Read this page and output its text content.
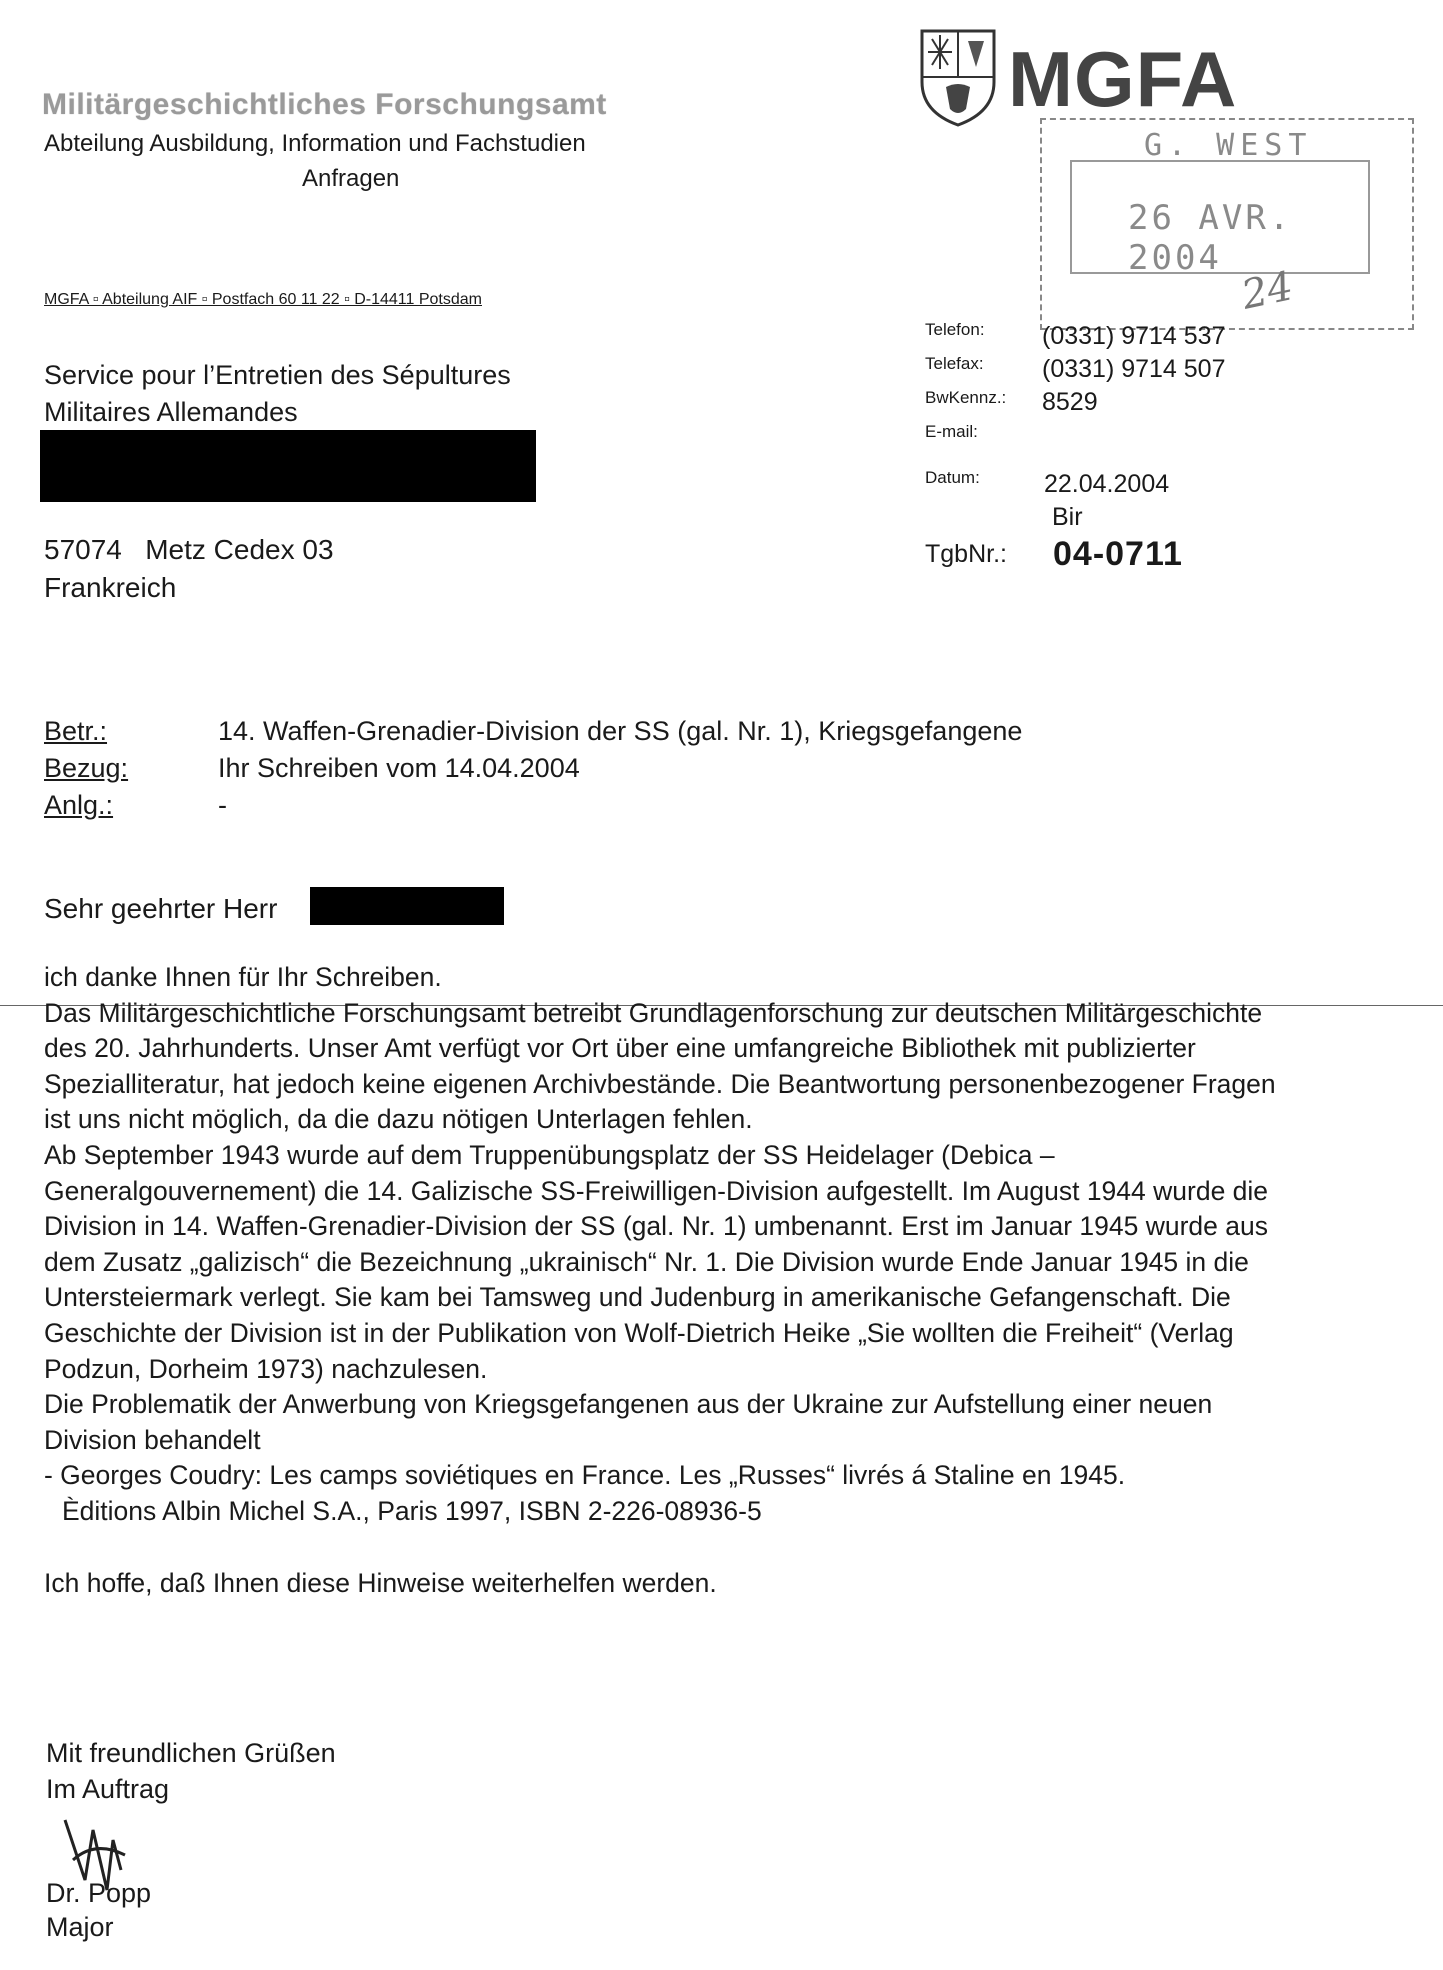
Militärgeschichtliches Forschungsamt
Abteilung Ausbildung, Information und Fachstudien
Anfragen
MGFA
G. WEST
26 AVR. 2004
24
MGFA ▫ Abteilung AIF ▫ Postfach 60 11 22 ▫ D-14411 Potsdam
Service pour l’Entretien des Sépultures
Militaires Allemandes
57074   Metz Cedex 03
Frankreich
Telefon: (0331) 9714 537
Telefax: (0331) 9714 507
BwKennz.: 8529
E-mail:
Datum:	22.04.2004
Bir
TgbNr.: 04-0711
Betr.:	14. Waffen-Grenadier-Division der SS (gal. Nr. 1), Kriegsgefangene
Bezug:	Ihr Schreiben vom 14.04.2004
Anlg.:	-
Sehr geehrter Herr

ich danke Ihnen für Ihr Schreiben.

Das Militärgeschichtliche Forschungsamt betreibt Grundlagenforschung zur deutschen Militärgeschichte des 20. Jahrhunderts. Unser Amt verfügt vor Ort über eine umfangreiche Bibliothek mit publizierter Spezialliteratur, hat jedoch keine eigenen Archivbestände. Die Beantwortung personenbezogener Fragen ist uns nicht möglich, da die dazu nötigen Unterlagen fehlen.

Ab September 1943 wurde auf dem Truppenübungsplatz der SS Heidelager (Debica – Generalgouvernement) die 14. Galizische SS-Freiwilligen-Division aufgestellt. Im August 1944 wurde die Division in 14. Waffen-Grenadier-Division der SS (gal. Nr. 1) umbenannt. Erst im Januar 1945 wurde aus dem Zusatz „galizisch“ die Bezeichnung „ukrainisch“ Nr. 1. Die Division wurde Ende Januar 1945 in die Untersteiermark verlegt. Sie kam bei Tamsweg und Judenburg in amerikanische Gefangenschaft. Die Geschichte der Division ist in der Publikation von Wolf-Dietrich Heike „Sie wollten die Freiheit“ (Verlag Podzun, Dorheim 1973) nachzulesen.

Die Problematik der Anwerbung von Kriegsgefangenen aus der Ukraine zur Aufstellung einer neuen Division behandelt

- Georges Coudry: Les camps soviétiques en France. Les „Russes“ livrés á Staline en 1945.

Èditions Albin Michel S.A., Paris 1997, ISBN 2-226-08936-5

Ich hoffe, daß Ihnen diese Hinweise weiterhelfen werden.

Mit freundlichen Grüßen
Im Auftrag
Dr. Popp
Major
